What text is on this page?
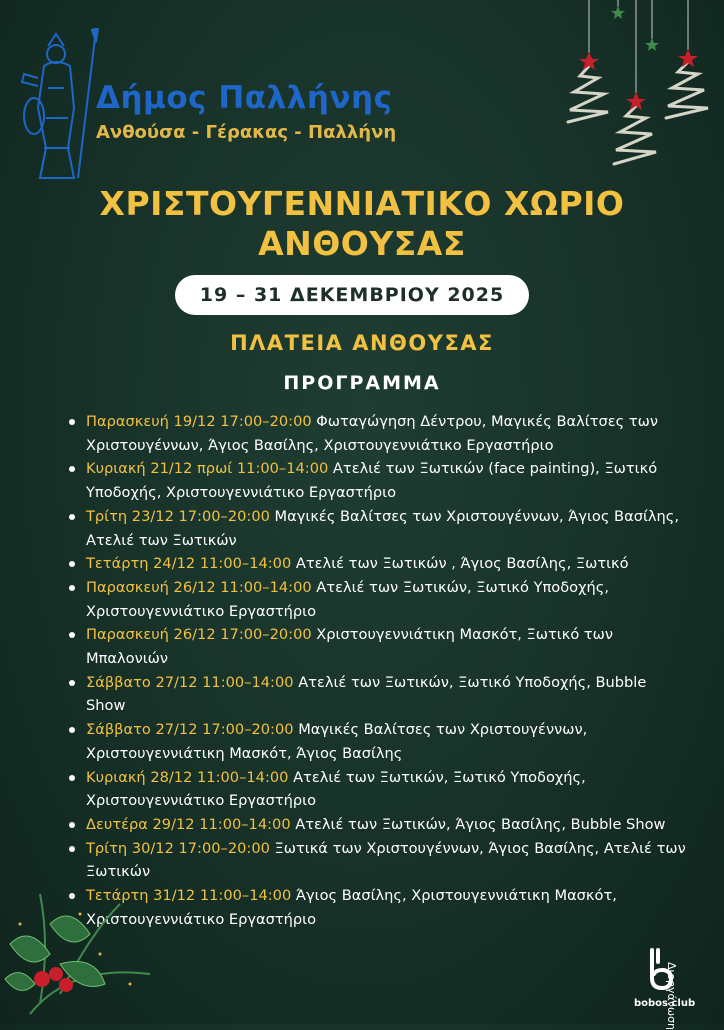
Δήμος Παλλήνης
Ανθούσα - Γέρακας - Παλλήνη
ΧΡΙΣΤΟΥΓΕΝΝΙΑΤΙΚΟ ΧΩΡΙΟ
ΑΝΘΟΥΣΑΣ
19 – 31 ΔΕΚΕΜΒΡΙΟΥ 2025
ΠΛΑΤΕΙΑ ΑΝΘΟΥΣΑΣ
ΠΡΟΓΡΑΜΜΑ
Παρασκευή 19/12 17:00–20:00 Φωταγώγηση Δέντρου, Μαγικές Βαλίτσες των Χριστουγέννων, Άγιος Βασίλης, Χριστουγεννιάτικο Εργαστήριο
Κυριακή 21/12 πρωί 11:00–14:00 Ατελιέ των Ξωτικών (face painting), Ξωτικό Υποδοχής, Χριστουγεννιάτικο Εργαστήριο
Τρίτη 23/12 17:00–20:00 Μαγικές Βαλίτσες των Χριστουγέννων, Άγιος Βασίλης, Ατελιέ των Ξωτικών
Τετάρτη 24/12 11:00–14:00 Ατελιέ των Ξωτικών , Άγιος Βασίλης, Ξωτικό
Παρασκευή 26/12 11:00–14:00 Ατελιέ των Ξωτικών, Ξωτικό Υποδοχής, Χριστουγεννιάτικο Εργαστήριο
Παρασκευή 26/12 17:00–20:00 Χριστουγεννιάτικη Μασκότ, Ξωτικό των Μπαλονιών
Σάββατο 27/12 11:00–14:00 Ατελιέ των Ξωτικών, Ξωτικό Υποδοχής, Bubble Show
Σάββατο 27/12 17:00–20:00 Μαγικές Βαλίτσες των Χριστουγέννων, Χριστουγεννιάτικη Μασκότ, Άγιος Βασίλης
Κυριακή 28/12 11:00–14:00 Ατελιέ των Ξωτικών, Ξωτικό Υποδοχής, Χριστουγεννιάτικο Εργαστήριο
Δευτέρα 29/12 11:00–14:00 Ατελιέ των Ξωτικών, Άγιος Βασίλης, Bubble Show
Τρίτη 30/12 17:00–20:00 Ξωτικά των Χριστουγέννων, Άγιος Βασίλης, Ατελιέ των Ξωτικών
Τετάρτη 31/12 11:00–14:00 Άγιος Βασίλης, Χριστουγεννιάτικη Μασκότ, Χριστουγεννιάτικο Εργαστήριο
bobos club
Διοργάνωση
